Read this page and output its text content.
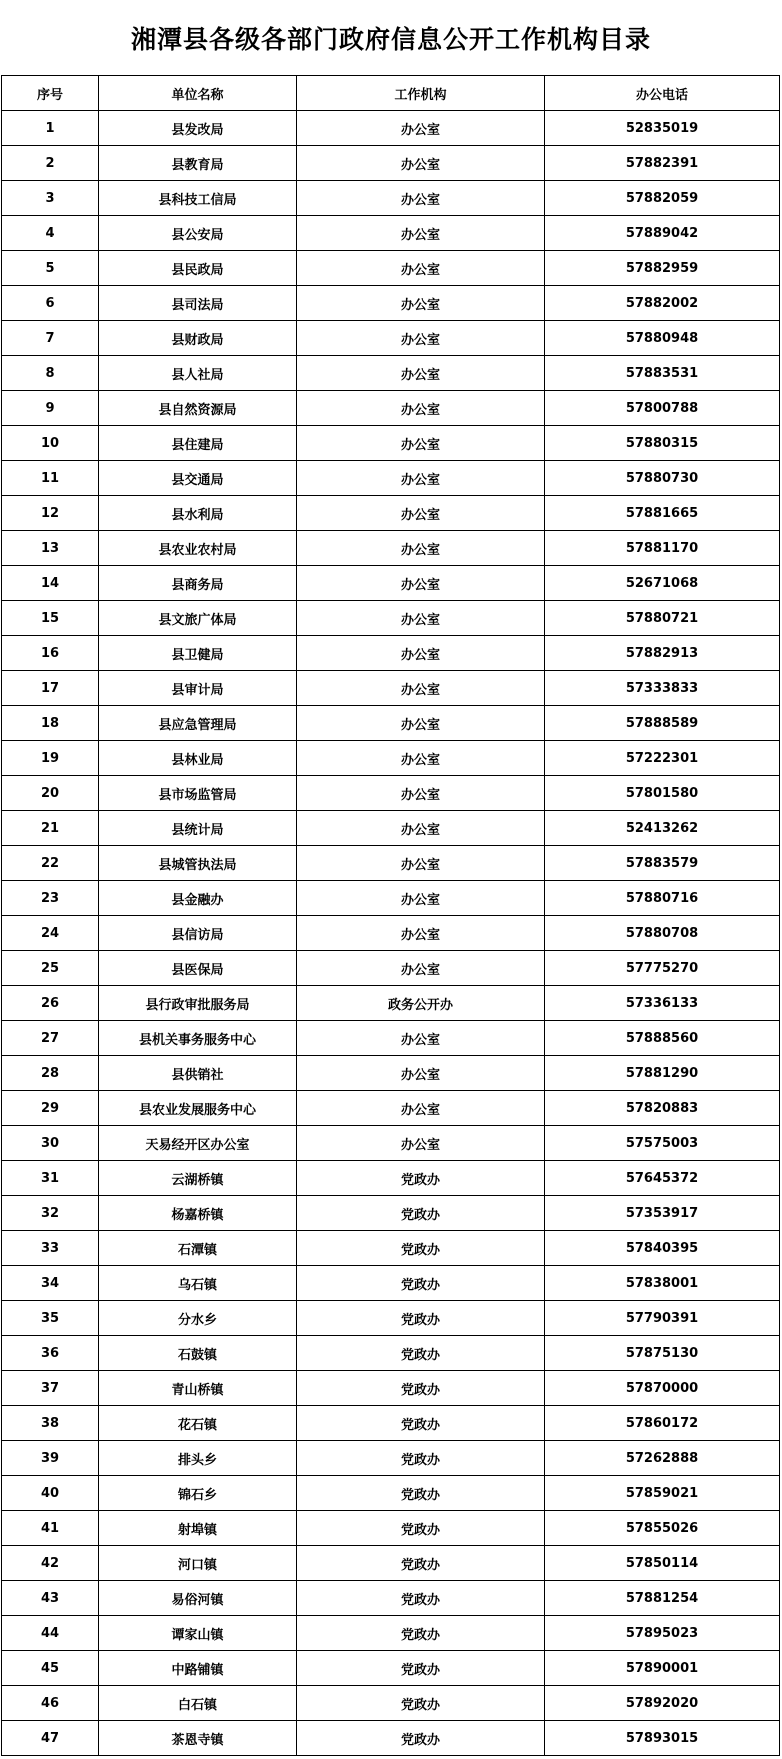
湘潭县各级各部门政府信息公开工作机构目录
序号	单位名称	工作机构	办公电话
1	县发改局	办公室	52835019
2	县教育局	办公室	57882391
3	县科技工信局	办公室	57882059
4	县公安局	办公室	57889042
5	县民政局	办公室	57882959
6	县司法局	办公室	57882002
7	县财政局	办公室	57880948
8	县人社局	办公室	57883531
9	县自然资源局	办公室	57800788
10	县住建局	办公室	57880315
11	县交通局	办公室	57880730
12	县水利局	办公室	57881665
13	县农业农村局	办公室	57881170
14	县商务局	办公室	52671068
15	县文旅广体局	办公室	57880721
16	县卫健局	办公室	57882913
17	县审计局	办公室	57333833
18	县应急管理局	办公室	57888589
19	县林业局	办公室	57222301
20	县市场监管局	办公室	57801580
21	县统计局	办公室	52413262
22	县城管执法局	办公室	57883579
23	县金融办	办公室	57880716
24	县信访局	办公室	57880708
25	县医保局	办公室	57775270
26	县行政审批服务局	政务公开办	57336133
27	县机关事务服务中心	办公室	57888560
28	县供销社	办公室	57881290
29	县农业发展服务中心	办公室	57820883
30	天易经开区办公室	办公室	57575003
31	云湖桥镇	党政办	57645372
32	杨嘉桥镇	党政办	57353917
33	石潭镇	党政办	57840395
34	乌石镇	党政办	57838001
35	分水乡	党政办	57790391
36	石鼓镇	党政办	57875130
37	青山桥镇	党政办	57870000
38	花石镇	党政办	57860172
39	排头乡	党政办	57262888
40	锦石乡	党政办	57859021
41	射埠镇	党政办	57855026
42	河口镇	党政办	57850114
43	易俗河镇	党政办	57881254
44	谭家山镇	党政办	57895023
45	中路铺镇	党政办	57890001
46	白石镇	党政办	57892020
47	茶恩寺镇	党政办	57893015
